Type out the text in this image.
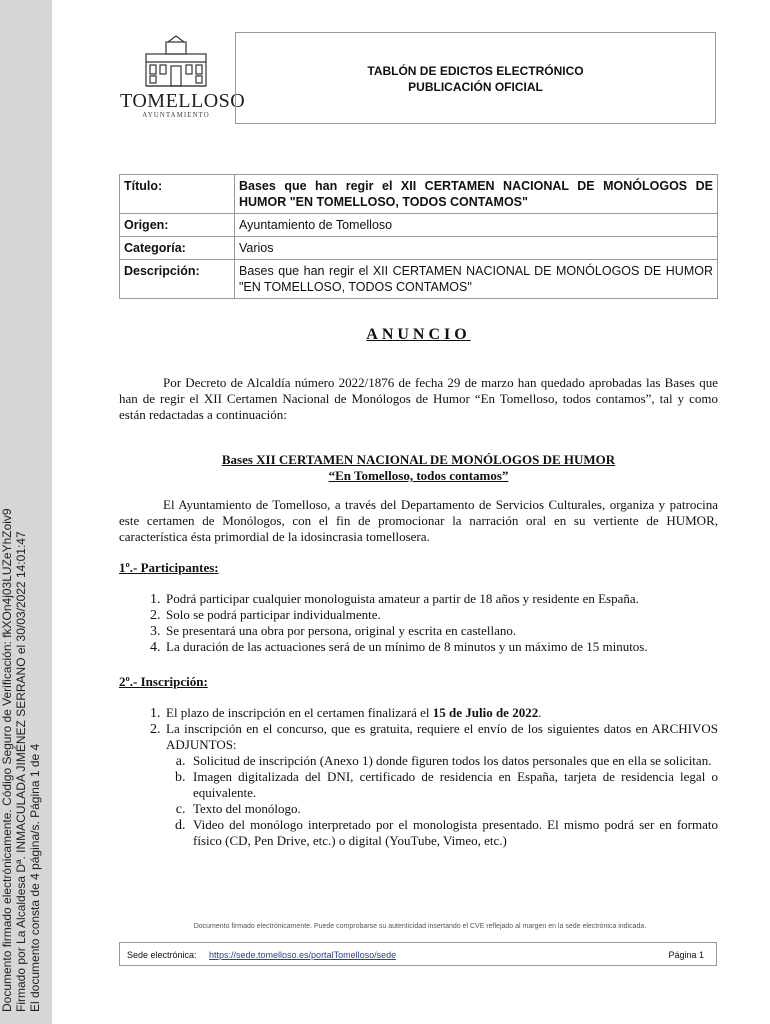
Documento firmado electrónicamente. Código Seguro de Verificación: fkXOn4j03LUZeYhZoiv9 Firmado por La Alcaldesa Dª. INMACULADA JIMÉNEZ SERRANO el 30/03/2022 14:01:47 El documento consta de 4 página/s. Página 1 de 4
TOMELLOSO
AYUNTAMIENTO
TABLÓN DE EDICTOS ELECTRÓNICO
PUBLICACIÓN OFICIAL
Título:	Bases que han regir el XII CERTAMEN NACIONAL DE MONÓLOGOS DE HUMOR "EN TOMELLOSO, TODOS CONTAMOS"
Origen:	Ayuntamiento de Tomelloso
Categoría:	Varios
Descripción:	Bases que han regir el XII CERTAMEN NACIONAL DE MONÓLOGOS DE HUMOR "EN TOMELLOSO, TODOS CONTAMOS"
ANUNCIO
Por Decreto de Alcaldía número 2022/1876 de fecha 29 de marzo han quedado aprobadas las Bases que han de regir el XII Certamen Nacional de Monólogos de Humor “En Tomelloso, todos contamos”, tal y como están redactadas a continuación:
Bases XII CERTAMEN NACIONAL DE MONÓLOGOS DE HUMOR
“En Tomelloso, todos contamos”
El Ayuntamiento de Tomelloso, a través del Departamento de Servicios Culturales, organiza y patrocina este certamen de Monólogos, con el fin de promocionar la narración oral en su vertiente de HUMOR, característica ésta primordial de la idosincrasia tomellosera.
1º.- Participantes:
1. Podrá participar cualquier monologuista amateur a partir de 18 años y residente en España.
2. Solo se podrá participar individualmente.
3. Se presentará una obra por persona, original y escrita en castellano.
4. La duración de las actuaciones será de un mínimo de 8 minutos y un máximo de 15 minutos.
2º.- Inscripción:
1. El plazo de inscripción en el certamen finalizará el 15 de Julio de 2022.
2. La inscripción en el concurso, que es gratuita, requiere el envío de los siguientes datos en ARCHIVOS ADJUNTOS:
a. Solicitud de inscripción (Anexo 1) donde figuren todos los datos personales que en ella se solicitan.
b. Imagen digitalizada del DNI, certificado de residencia en España, tarjeta de residencia legal o equivalente.
c. Texto del monólogo.
d. Video del monólogo interpretado por el monologista presentado. El mismo podrá ser en formato físico (CD, Pen Drive, etc.) o digital (YouTube, Vimeo, etc.)
Documento firmado electrónicamente. Puede comprobarse su autenticidad insertando el CVE reflejado al margen en la sede electrónica indicada.
Sede electrónica: https://sede.tomelloso.es/portalTomelloso/sede	Página 1
